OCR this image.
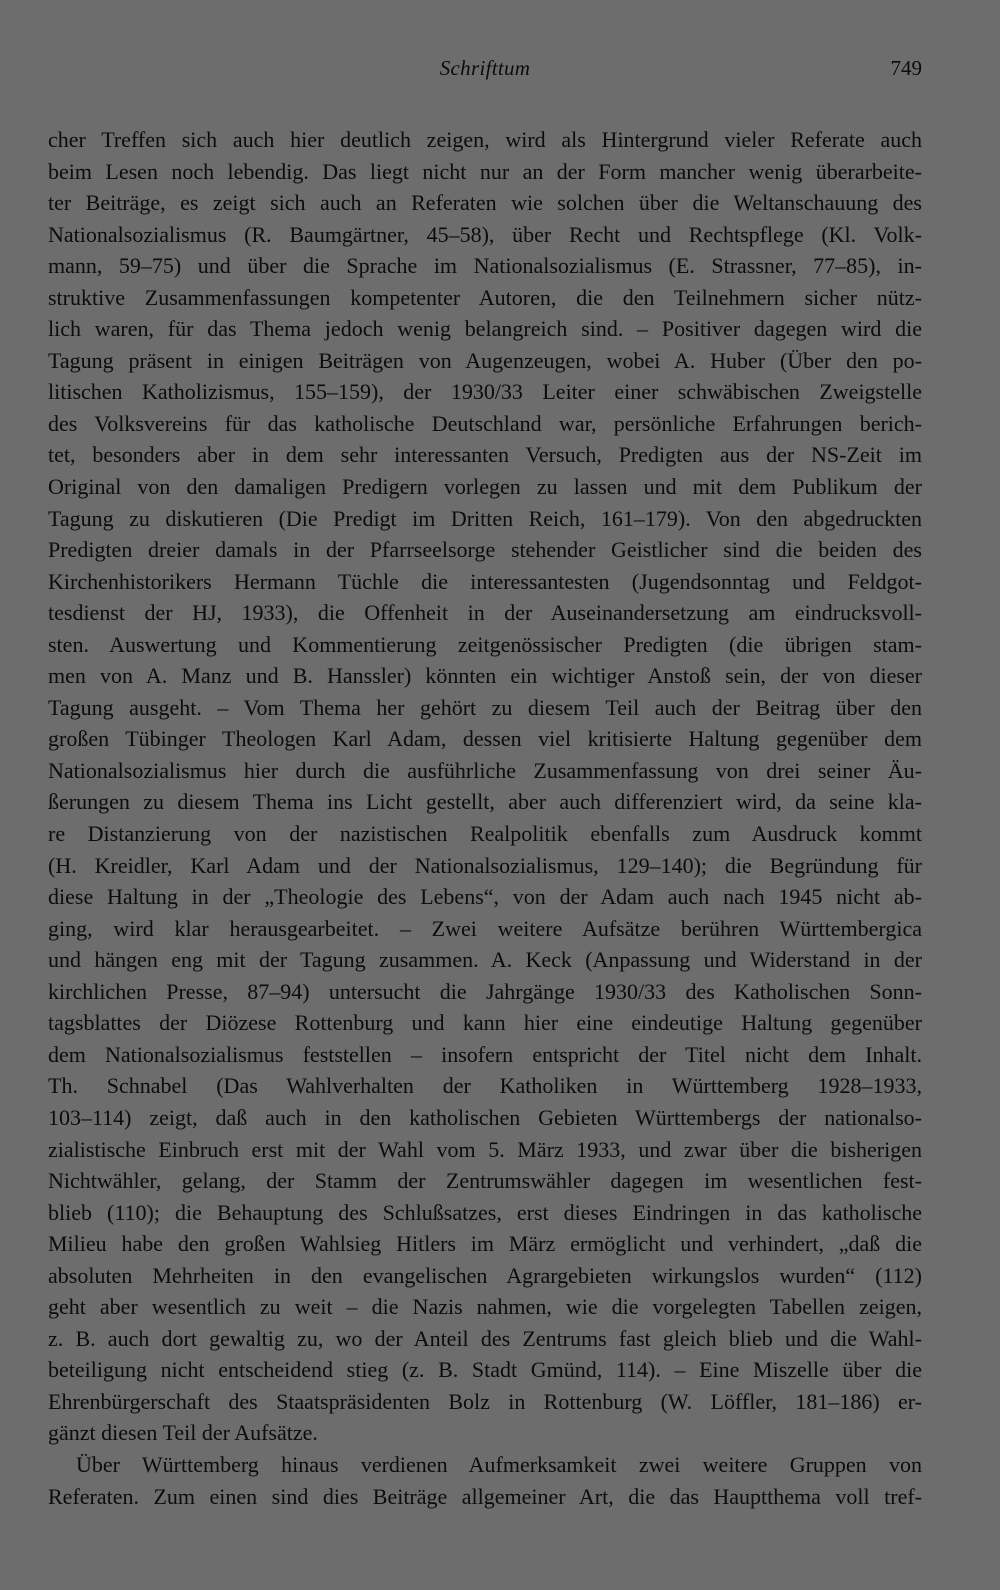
Schrifttum	749
cher Treffen sich auch hier deutlich zeigen, wird als Hintergrund vieler Referate auch
beim Lesen noch lebendig. Das liegt nicht nur an der Form mancher wenig überarbeite-
ter Beiträge, es zeigt sich auch an Referaten wie solchen über die Weltanschauung des
Nationalsozialismus (R. Baumgärtner, 45–58), über Recht und Rechtspflege (Kl. Volk-
mann, 59–75) und über die Sprache im Nationalsozialismus (E. Strassner, 77–85), in-
struktive Zusammenfassungen kompetenter Autoren, die den Teilnehmern sicher nütz-
lich waren, für das Thema jedoch wenig belangreich sind. – Positiver dagegen wird die
Tagung präsent in einigen Beiträgen von Augenzeugen, wobei A. Huber (Über den po-
litischen Katholizismus, 155–159), der 1930/33 Leiter einer schwäbischen Zweigstelle
des Volksvereins für das katholische Deutschland war, persönliche Erfahrungen berich-
tet, besonders aber in dem sehr interessanten Versuch, Predigten aus der NS-Zeit im
Original von den damaligen Predigern vorlegen zu lassen und mit dem Publikum der
Tagung zu diskutieren (Die Predigt im Dritten Reich, 161–179). Von den abgedruckten
Predigten dreier damals in der Pfarrseelsorge stehender Geistlicher sind die beiden des
Kirchenhistorikers Hermann Tüchle die interessantesten (Jugendsonntag und Feldgot-
tesdienst der HJ, 1933), die Offenheit in der Auseinandersetzung am eindrucksvoll-
sten. Auswertung und Kommentierung zeitgenössischer Predigten (die übrigen stam-
men von A. Manz und B. Hanssler) könnten ein wichtiger Anstoß sein, der von dieser
Tagung ausgeht. – Vom Thema her gehört zu diesem Teil auch der Beitrag über den
großen Tübinger Theologen Karl Adam, dessen viel kritisierte Haltung gegenüber dem
Nationalsozialismus hier durch die ausführliche Zusammenfassung von drei seiner Äu-
ßerungen zu diesem Thema ins Licht gestellt, aber auch differenziert wird, da seine kla-
re Distanzierung von der nazistischen Realpolitik ebenfalls zum Ausdruck kommt
(H. Kreidler, Karl Adam und der Nationalsozialismus, 129–140); die Begründung für
diese Haltung in der „Theologie des Lebens“, von der Adam auch nach 1945 nicht ab-
ging, wird klar herausgearbeitet. – Zwei weitere Aufsätze berühren Württembergica
und hängen eng mit der Tagung zusammen. A. Keck (Anpassung und Widerstand in der
kirchlichen Presse, 87–94) untersucht die Jahrgänge 1930/33 des Katholischen Sonn-
tagsblattes der Diözese Rottenburg und kann hier eine eindeutige Haltung gegenüber
dem Nationalsozialismus feststellen – insofern entspricht der Titel nicht dem Inhalt.
Th. Schnabel (Das Wahlverhalten der Katholiken in Württemberg 1928–1933,
103–114) zeigt, daß auch in den katholischen Gebieten Württembergs der nationalso-
zialistische Einbruch erst mit der Wahl vom 5. März 1933, und zwar über die bisherigen
Nichtwähler, gelang, der Stamm der Zentrumswähler dagegen im wesentlichen fest-
blieb (110); die Behauptung des Schlußsatzes, erst dieses Eindringen in das katholische
Milieu habe den großen Wahlsieg Hitlers im März ermöglicht und verhindert, „daß die
absoluten Mehrheiten in den evangelischen Agrargebieten wirkungslos wurden“ (112)
geht aber wesentlich zu weit – die Nazis nahmen, wie die vorgelegten Tabellen zeigen,
z. B. auch dort gewaltig zu, wo der Anteil des Zentrums fast gleich blieb und die Wahl-
beteiligung nicht entscheidend stieg (z. B. Stadt Gmünd, 114). – Eine Miszelle über die
Ehrenbürgerschaft des Staatspräsidenten Bolz in Rottenburg (W. Löffler, 181–186) er-
gänzt diesen Teil der Aufsätze.
Über Württemberg hinaus verdienen Aufmerksamkeit zwei weitere Gruppen von
Referaten. Zum einen sind dies Beiträge allgemeiner Art, die das Hauptthema voll tref-
